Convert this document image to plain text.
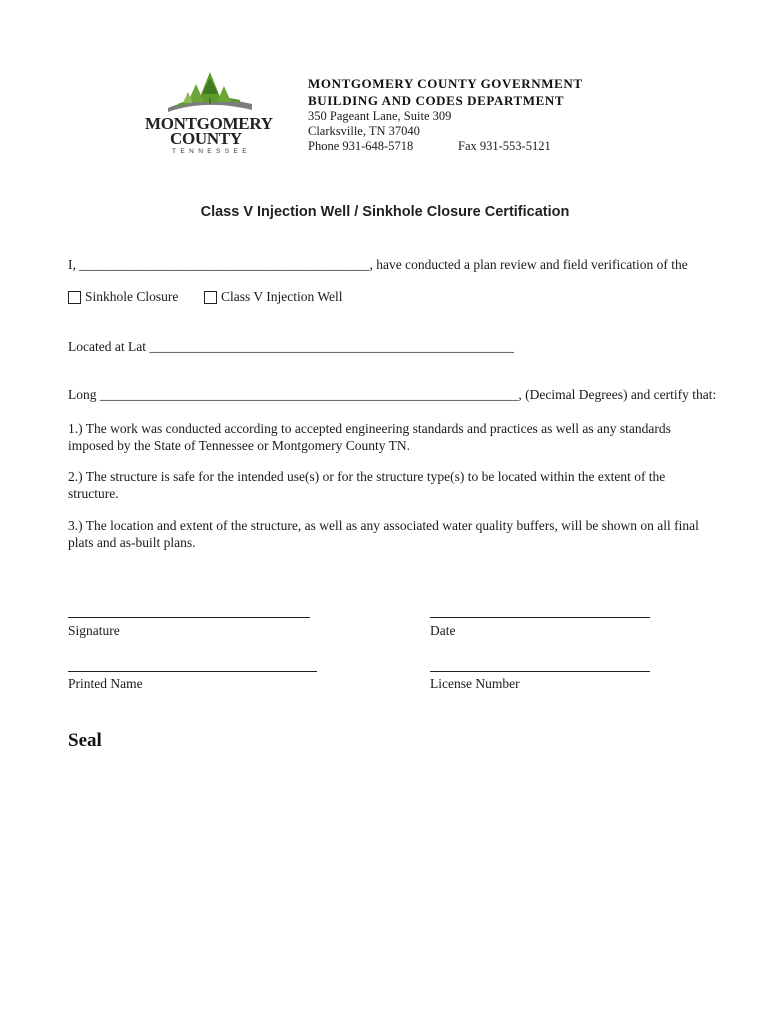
MONTGOMERY
COUNTY
TENNESSEE
MONTGOMERY COUNTY GOVERNMENT
BUILDING AND CODES DEPARTMENT
350 Pageant Lane, Suite 309
Clarksville, TN 37040
Phone 931-648-5718	Fax 931-553-5121
Class V Injection Well / Sinkhole Closure Certification
I, ___________________________________________, have conducted a plan review and field verification of the
Sinkhole Closure	Class V Injection Well
Located at Lat ______________________________________________________
Long ______________________________________________________________, (Decimal Degrees) and certify that:
1.) The work was conducted according to accepted engineering standards and practices as well as any standards imposed by the State of Tennessee or Montgomery County TN.
2.) The structure is safe for the intended use(s) or for the structure type(s) to be located within the extent of the structure.
3.) The location and extent of the structure, as well as any associated water quality buffers, will be shown on all final plats and as-built plans.
Signature	Date
Printed Name	License Number
Seal
